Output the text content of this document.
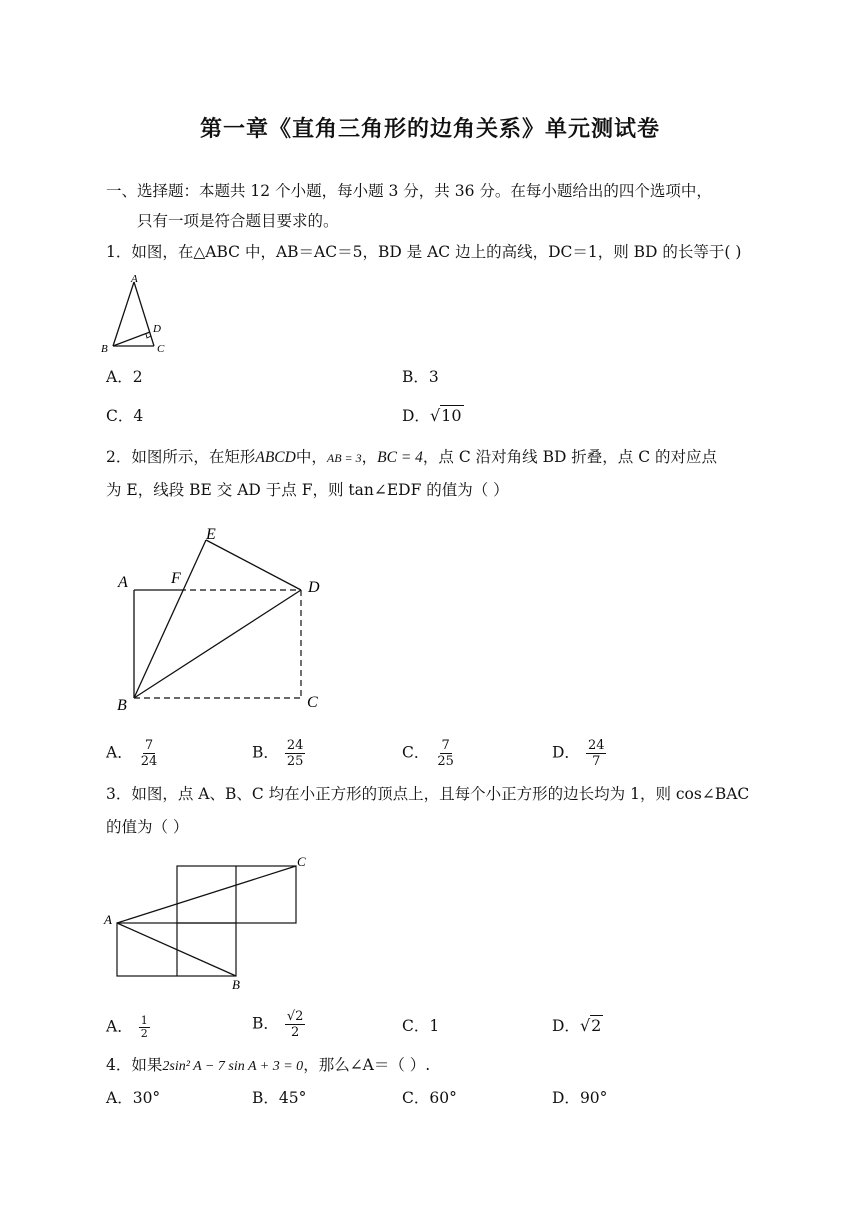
第一章《直角三角形的边角关系》单元测试卷
一、选择题：本题共 12 个小题，每小题 3 分，共 36 分。在每小题给出的四个选项中，
只有一项是符合题目要求的。
1．如图，在△ABC 中，AB＝AC＝5，BD 是 AC 边上的高线，DC＝1，则 BD 的长等于( )
A
B	C
D
A．2	B．3
C．4	D．√10
2．如图所示，在矩形ABCD中，AB = 3，BC = 4，点 C 沿对角线 BD 折叠，点 C 的对应点
为 E，线段 BE 交 AD 于点 F，则 tan∠EDF 的值为（ ）
A
B	C
D
E
F
A． $\frac{7}{24}$	B． $\frac{24}{25}$	C． $\frac{7}{25}$	D． $\frac{24}{7}$
3．如图，点 A、B、C 均在小正方形的顶点上，且每个小正方形的边长均为 1，则 cos∠BAC
的值为（ ）
A
B
C
A． $\frac{1}{2}$	B． $\frac{√2}{2}$	C．1	D．√2
4．如果2sin² A − 7 sin A + 3 = 0，那么∠A＝（ ）.
A．30°	B．45°	C．60°	D．90°
